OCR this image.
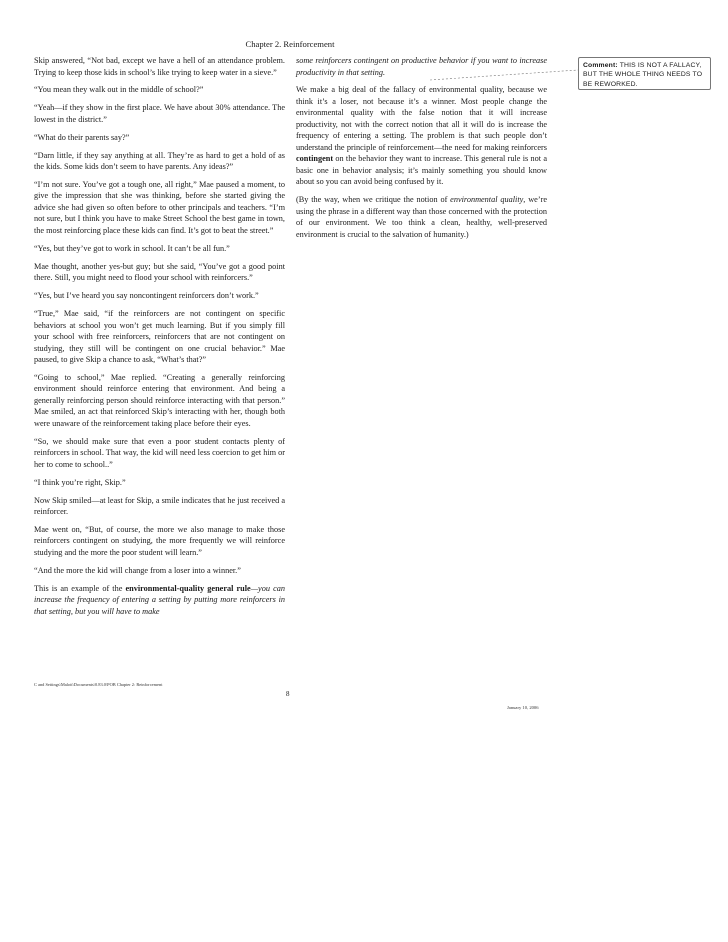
Chapter 2. Reinforcement

Skip answered, “Not bad, except we have a hell of an attendance problem. Trying to keep those kids in school’s like trying to keep water in a sieve.”

“You mean they walk out in the middle of school?”

“Yeah—if they show in the first place. We have about 30% attendance. The lowest in the district.”

“What do their parents say?”

“Darn little, if they say anything at all. They’re as hard to get a hold of as the kids. Some kids don’t seem to have parents. Any ideas?”

“I’m not sure. You’ve got a tough one, all right,” Mae paused a moment, to give the impression that she was thinking, before she started giving the advice she had given so often before to other principals and teachers. “I’m not sure, but I think you have to make Street School the best game in town, the most reinforcing place these kids can find. It’s got to beat the street.”

“Yes, but they’ve got to work in school. It can’t be all fun.”

Mae thought, another yes-but guy; but she said, “You’ve got a good point there. Still, you might need to flood your school with reinforcers.”

“Yes, but I’ve heard you say noncontingent reinforcers don’t work.”

“True,” Mae said, “if the reinforcers are not contingent on specific behaviors at school you won’t get much learning. But if you simply fill your school with free reinforcers, reinforcers that are not contingent on studying, they still will be contingent on one crucial behavior.” Mae paused, to give Skip a chance to ask, “What’s that?”

“Going to school,” Mae replied. “Creating a generally reinforcing environment should reinforce entering that environment. And being a generally reinforcing person should reinforce interacting with that person.” Mae smiled, an act that reinforced Skip’s interacting with her, though both were unaware of the reinforcement taking place before their eyes.

“So, we should make sure that even a poor student contacts plenty of reinforcers in school. That way, the kid will need less coercion to get him or her to come to school..”

“I think you’re right, Skip.”

Now Skip smiled—at least for Skip, a smile indicates that he just received a reinforcer.

Mae went on, “But, of course, the more we also manage to make those reinforcers contingent on studying, the more frequently we will reinforce studying and the more the poor student will learn.”

“And the more the kid will change from a loser into a winner.”

This is an example of the environmental-quality general rule—you can increase the frequency of entering a setting by putting more reinforcers in that setting, but you will have to make

some reinforcers contingent on productive behavior if you want to increase productivity in that setting.

We make a big deal of the fallacy of environmental quality, because we think it’s a loser, not because it’s a winner. Most people change the environmental quality with the false notion that it will increase productivity, not with the correct notion that all it will do is increase the frequency of entering a setting. The problem is that such people don’t understand the principle of reinforcement—the need for making reinforcers contingent on the behavior they want to increase. This general rule is not a basic one in behavior analysis; it’s mainly something you should know about so you can avoid being confused by it.

(By the way, when we critique the notion of environmental quality, we’re using the phrase in a different way than those concerned with the protection of our environment. We too think a clean, healthy, well-preserved environment is crucial to the salvation of humanity.)

Comment: THIS IS NOT A FALLACY, BUT THE WHOLE THING NEEDS TO BE REWORKED.
C and Settings\Malott\Documents\0.83.0\POB Chapter 2: Reinforcement
8
January 10, 2006
